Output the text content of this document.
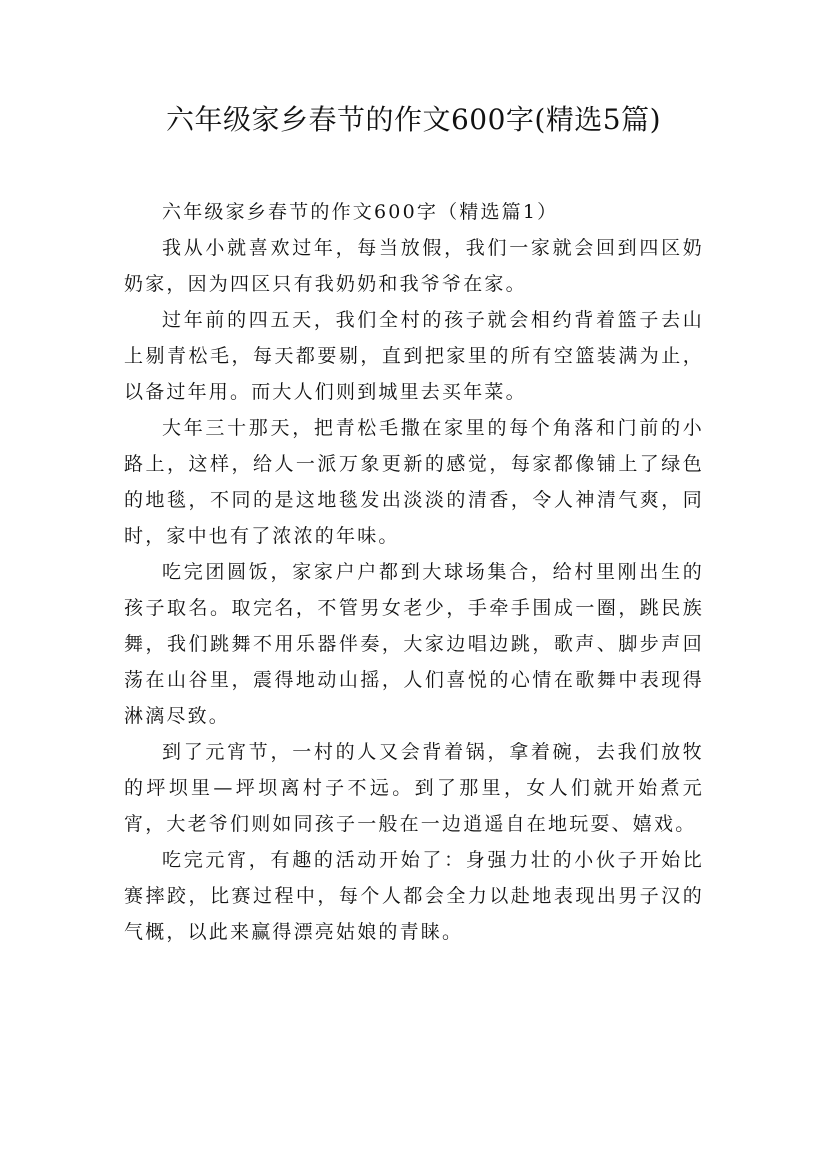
六年级家乡春节的作文600字(精选5篇)

六年级家乡春节的作文600字（精选篇1）

我从小就喜欢过年，每当放假，我们一家就会回到四区奶奶家，因为四区只有我奶奶和我爷爷在家。

过年前的四五天，我们全村的孩子就会相约背着篮子去山上剔青松毛，每天都要剔，直到把家里的所有空篮装满为止，以备过年用。而大人们则到城里去买年菜。

大年三十那天，把青松毛撒在家里的每个角落和门前的小路上，这样，给人一派万象更新的感觉，每家都像铺上了绿色的地毯，不同的是这地毯发出淡淡的清香，令人神清气爽，同时，家中也有了浓浓的年味。

吃完团圆饭，家家户户都到大球场集合，给村里刚出生的孩子取名。取完名，不管男女老少，手牵手围成一圈，跳民族舞，我们跳舞不用乐器伴奏，大家边唱边跳，歌声、脚步声回荡在山谷里，震得地动山摇，人们喜悦的心情在歌舞中表现得淋漓尽致。

到了元宵节，一村的人又会背着锅，拿着碗，去我们放牧的坪坝里—坪坝离村子不远。到了那里，女人们就开始煮元宵，大老爷们则如同孩子一般在一边逍遥自在地玩耍、嬉戏。

吃完元宵，有趣的活动开始了：身强力壮的小伙子开始比赛摔跤，比赛过程中，每个人都会全力以赴地表现出男子汉的气概，以此来赢得漂亮姑娘的青睐。
